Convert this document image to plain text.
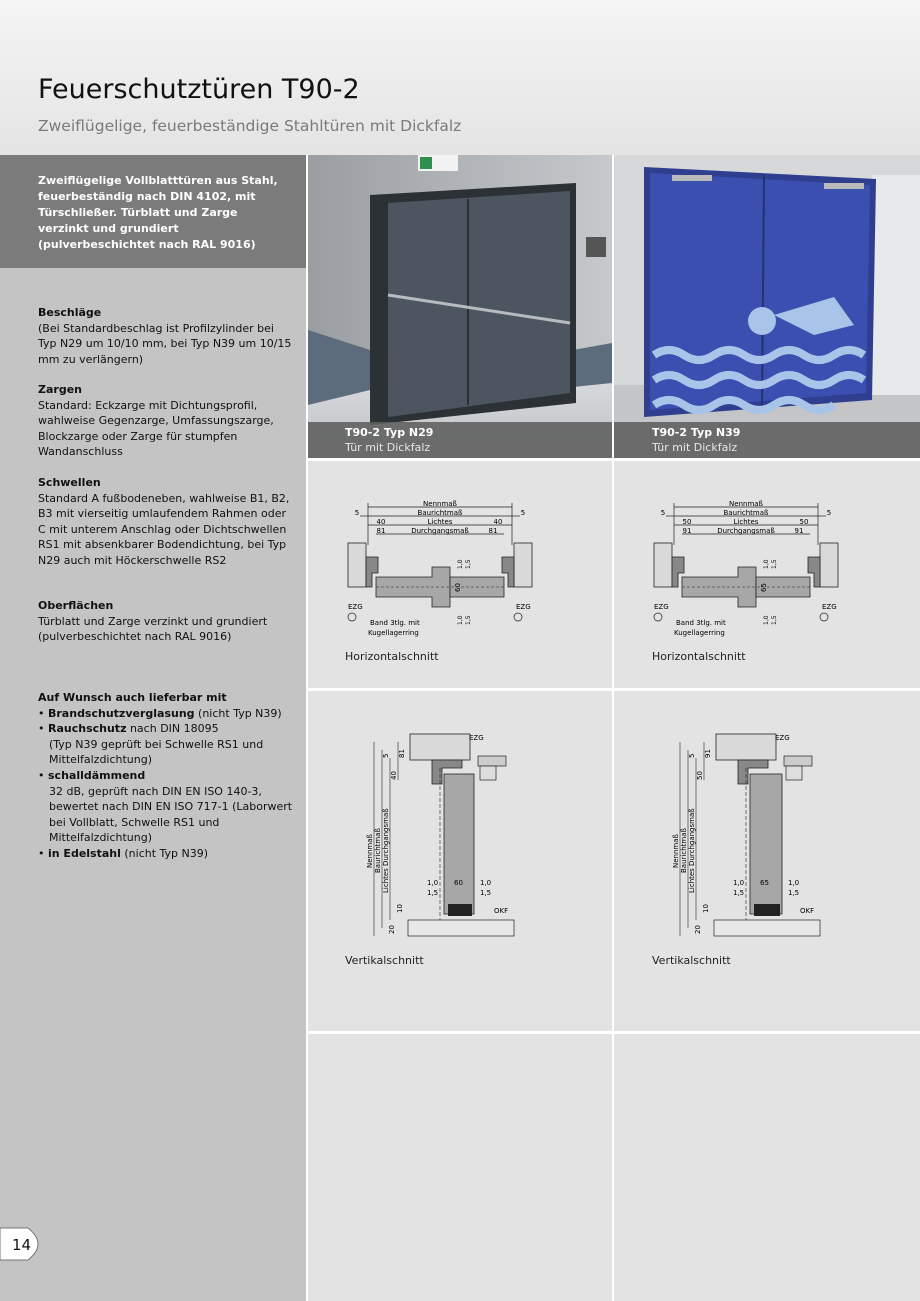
Feuerschutztüren T90-2
Zweiflügelige, feuerbeständige Stahltüren mit Dickfalz
Zweiflügelige Vollblatttüren aus Stahl, feuerbeständig nach DIN 4102, mit Türschließer. Türblatt und Zarge verzinkt und grundiert (pulverbeschichtet nach RAL 9016)
Beschläge

(Bei Standardbeschlag ist Profilzylinder bei Typ N29 um 10/10 mm, bei Typ N39 um 10/15 mm zu verlängern)

Zargen

Standard: Eckzarge mit Dichtungsprofil, wahlweise Gegenzarge, Umfassungszarge, Blockzarge oder Zarge für stumpfen Wandanschluss

Schwellen

Standard A fußbodeneben, wahlweise B1, B2, B3 mit vierseitig umlaufendem Rahmen oder C mit unterem Anschlag oder Dichtschwellen RS1 mit absenkbarer Bodendichtung, bei Typ N29 auch mit Höckerschwelle RS2

Oberflächen

Türblatt und Zarge verzinkt und grundiert (pulverbeschichtet nach RAL 9016)

Auf Wunsch auch lieferbar mit
• Brandschutzverglasung (nicht Typ N39)
• Rauchschutz nach DIN 18095
(Typ N39 geprüft bei Schwelle RS1 und Mittelfalzdichtung)
• schalldämmend
32 dB, geprüft nach DIN EN ISO 140-3, bewertet nach DIN EN ISO 717-1 (Laborwert bei Vollblatt, Schwelle RS1 und Mittelfalzdichtung)
• in Edelstahl (nicht Typ N39)
T90-2 Typ N29
Tür mit Dickfalz
T90-2 Typ N39
Tür mit Dickfalz
Nennmaß
Baurichtmaß
Lichtes
Durchgangsmaß
5	5
40	40
81	81
60
1,0 1,5
1,0 1,5
EZG	EZG
Band 3tlg. mit
Kugellagerring
Horizontalschnitt
Nennmaß
Baurichtmaß
Lichtes
Durchgangsmaß
5	5
50	50
91	91
65
1,0 1,5
1,0 1,5
EZG	EZG
Band 3tlg. mit
Kugellagerring
Horizontalschnitt
Nennmaß Baurichtmaß Lichtes Durchgangsmaß
5 81
40
1,0
1,5
60 1,0
1,5
EZG
OKF
10
20
Vertikalschnitt
Nennmaß Baurichtmaß Lichtes Durchgangsmaß
5 91
50
1,0
1,5
65	1,0
1,5
EZG
OKF
10
20
Vertikalschnitt
14
